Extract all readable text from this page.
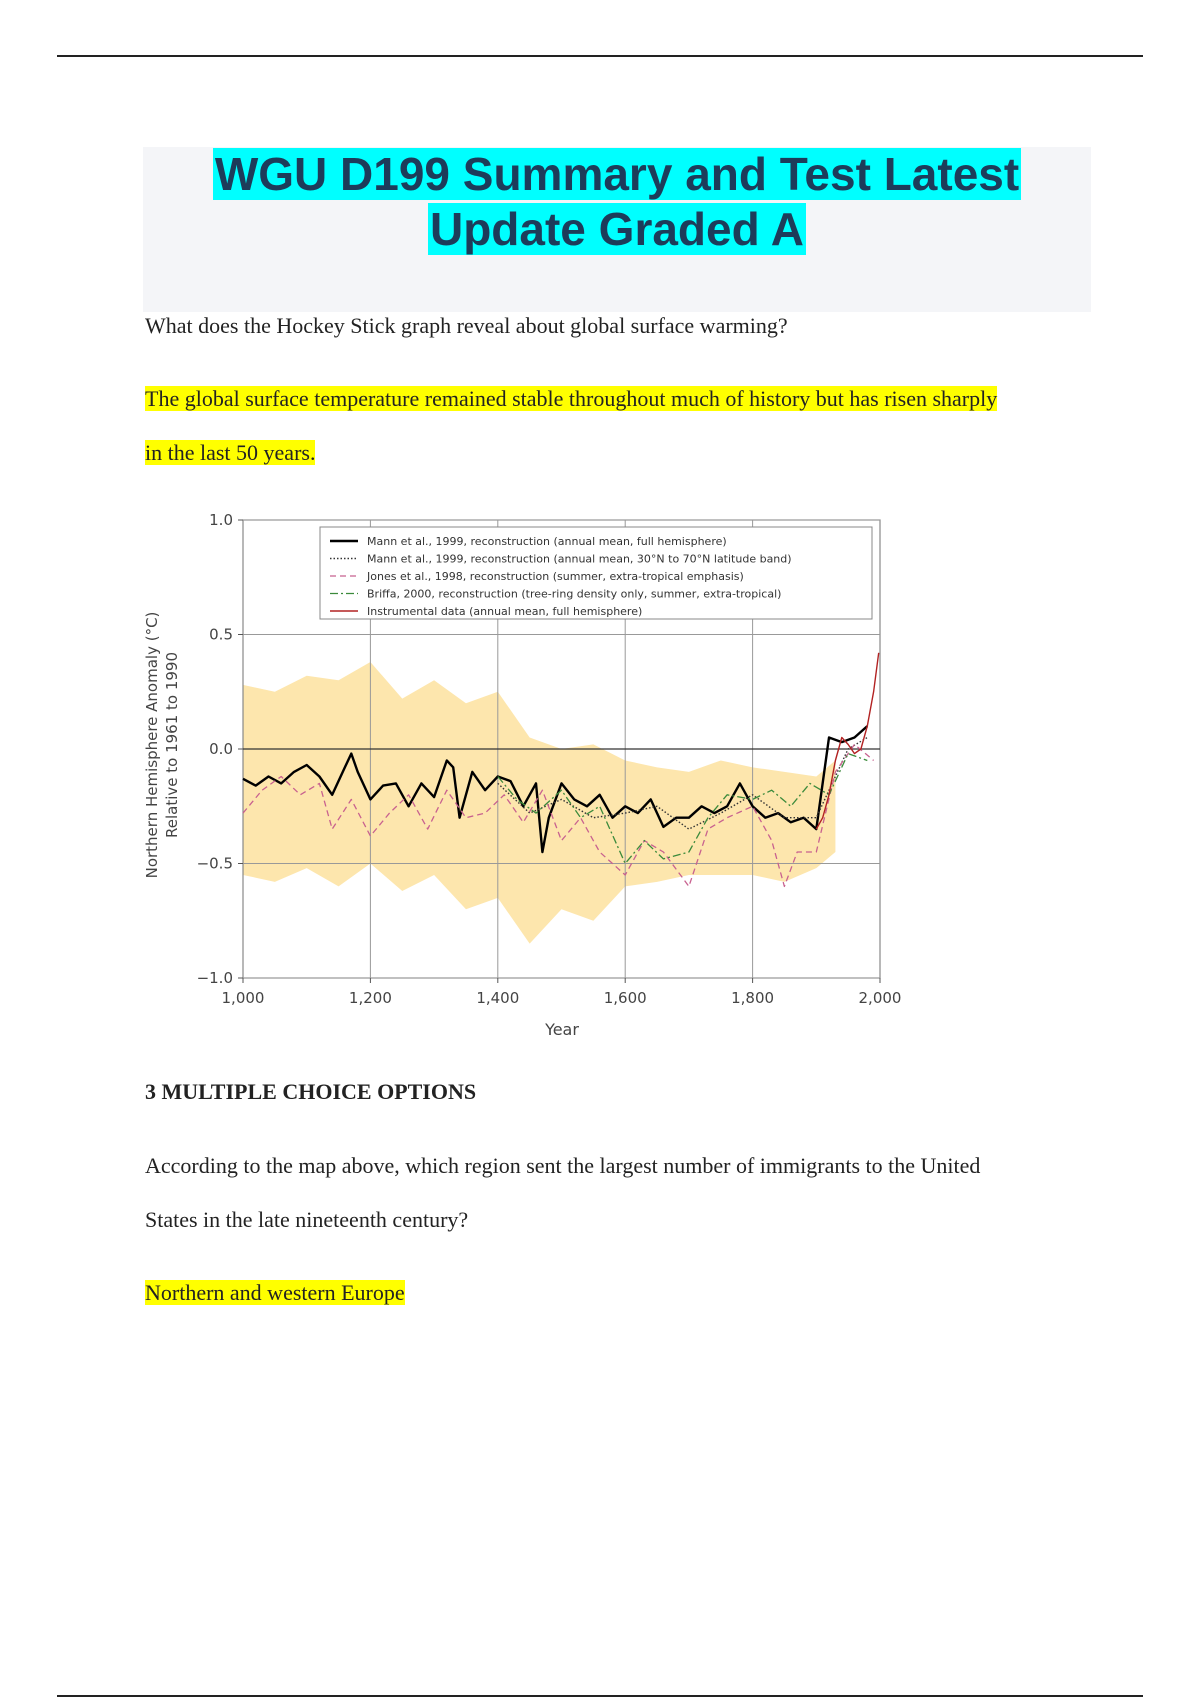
WGU D199 Summary and Test Latest
Update Graded A

What does the Hockey Stick graph reveal about global surface warming?

The global surface temperature remained stable throughout much of history but has risen sharply

in the last 50 years.

1,000	1,200	1,400	1,600	1,800	2,000
1.0
0.5
0.0
−0.5
−1.0
Mann et al., 1999, reconstruction (annual mean, full hemisphere)
Mann et al., 1999, reconstruction (annual mean, 30°N to 70°N latitude band)
Jones et al., 1998, reconstruction (summer, extra-tropical emphasis)
Briffa, 2000, reconstruction (tree-ring density only, summer, extra-tropical)
Instrumental data (annual mean, full hemisphere)
Year
Northern Hemisphere Anomaly (°C) Relative to 1961 to 1990

3 MULTIPLE CHOICE OPTIONS

According to the map above, which region sent the largest number of immigrants to the United

States in the late nineteenth century?

Northern and western Europe
